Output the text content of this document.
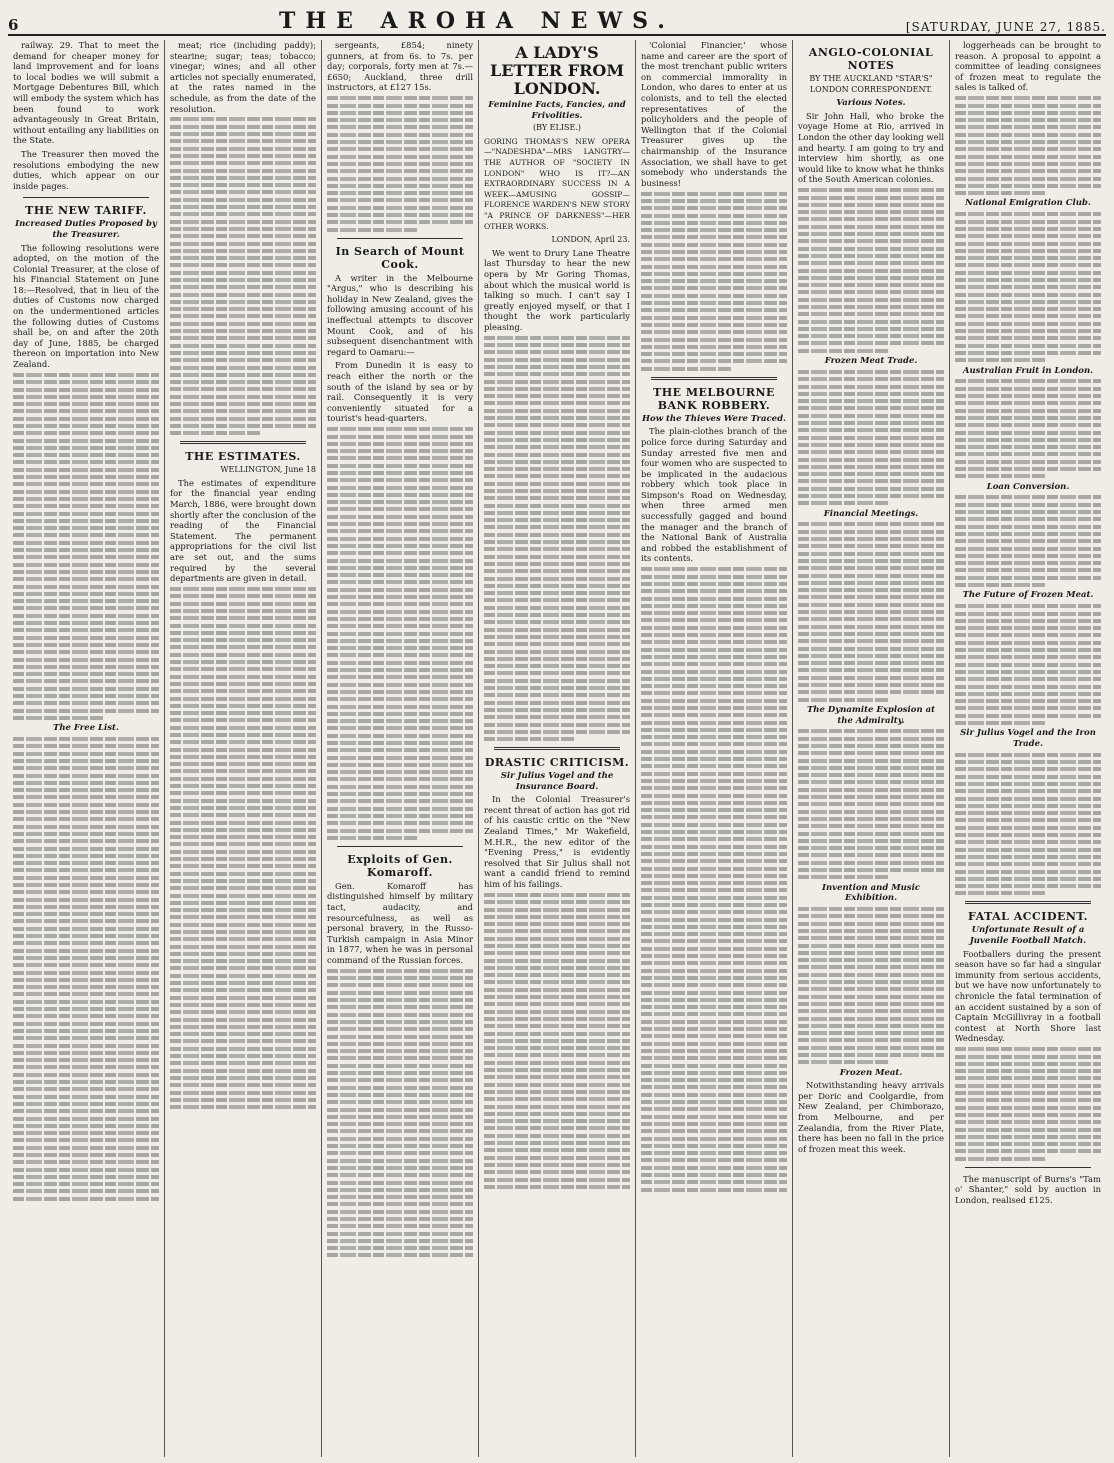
6	THE AROHA NEWS.	[SATURDAY, JUNE 27, 1885.

railway. 29. That to meet the demand for cheaper money for land improvement and for loans to local bodies we will submit a Mortgage Debentures Bill, which will embody the system which has been found to work advantageously in Great Britain, without entailing any liabilities on the State.

The Treasurer then moved the resolutions embodying the new duties, which appear on our inside pages.

THE NEW TARIFF.
Increased Duties Proposed by the Treasurer.

The following resolutions were adopted, on the motion of the Colonial Treasurer, at the close of his Financial Statement on June 18:—Resolved, that in lieu of the duties of Customs now charged on the undermentioned articles the following duties of Customs shall be, on and after the 20th day of June, 1885, be charged thereon on importation into New Zealand.

The Free List.

meat; rice (including paddy); stearine; sugar; teas; tobacco; vinegar; wines; and all other articles not specially enumerated, at the rates named in the schedule, as from the date of the resolution.

THE ESTIMATES.
WELLINGTON, June 18

The estimates of expenditure for the financial year ending March, 1886, were brought down shortly after the conclusion of the reading of the Financial Statement. The permanent appropriations for the civil list are set out, and the sums required by the several departments are given in detail.

sergeants, £854; ninety gunners, at from 6s. to 7s. per day; corporals, forty men at 7s.—£650; Auckland, three drill instructors, at £127 15s.

In Search of Mount Cook.

A writer in the Melbourne "Argus," who is describing his holiday in New Zealand, gives the following amusing account of his ineffectual attempts to discover Mount Cook, and of his subsequent disenchantment with regard to Oamaru:—

From Dunedin it is easy to reach either the north or the south of the island by sea or by rail. Consequently it is very conveniently situated for a tourist's head-quarters.

Exploits of Gen. Komaroff.

Gen. Komaroff has distinguished himself by military tact, audacity, and resourcefulness, as well as personal bravery, in the Russo-Turkish campaign in Asia Minor in 1877, when he was in personal command of the Russian forces.

A LADY'S LETTER FROM LONDON.
Feminine Facts, Fancies, and Frivolities.
(BY ELISE.)

GORING THOMAS'S NEW OPERA—"NADESHDA"—MRS LANGTRY—THE AUTHOR OF "SOCIETY IN LONDON" WHO IS IT?—AN EXTRAORDINARY SUCCESS IN A WEEK—AMUSING GOSSIP—FLORENCE WARDEN'S NEW STORY "A PRINCE OF DARKNESS"—HER OTHER WORKS.

LONDON, April 23.

We went to Drury Lane Theatre last Thursday to hear the new opera by Mr Goring Thomas, about which the musical world is talking so much. I can't say I greatly enjoyed myself, or that I thought the work particularly pleasing.

DRASTIC CRITICISM.
Sir Julius Vogel and the Insurance Board.

In the Colonial Treasurer's recent threat of action has got rid of his caustic critic on the "New Zealand Times," Mr Wakefield, M.H.R., the new editor of the "Evening Press," is evidently resolved that Sir Julius shall not want a candid friend to remind him of his failings.

'Colonial Financier,' whose name and career are the sport of the most trenchant public writers on commercial immorality in London, who dares to enter at us colonists, and to tell the elected representatives of the policyholders and the people of Wellington that if the Colonial Treasurer gives up the chairmanship of the Insurance Association, we shall have to get somebody who understands the business!

THE MELBOURNE BANK ROBBERY.
How the Thieves Were Traced.

The plain-clothes branch of the police force during Saturday and Sunday arrested five men and four women who are suspected to be implicated in the audacious robbery which took place in Simpson's Road on Wednesday, when three armed men successfully gagged and bound the manager and the branch of the National Bank of Australia and robbed the establishment of its contents.

ANGLO-COLONIAL NOTES
BY THE AUCKLAND "STAR'S" LONDON CORRESPONDENT.
Various Notes.

Sir John Hall, who broke the voyage Home at Rio, arrived in London the other day looking well and hearty. I am going to try and interview him shortly, as one would like to know what he thinks of the South American colonies.

Frozen Meat Trade.
Financial Meetings.
The Dynamite Explosion at the Admiralty.
Invention and Music Exhibition.
Frozen Meat.

Notwithstanding heavy arrivals per Doric and Coolgardie, from New Zealand, per Chimborazo, from Melbourne, and per Zealandia, from the River Plate, there has been no fall in the price of frozen meat this week.

loggerheads can be brought to reason. A proposal to appoint a committee of leading consignees of frozen meat to regulate the sales is talked of.

National Emigration Club.
Australian Fruit in London.
Loan Conversion.
The Future of Frozen Meat.
Sir Julius Vogel and the Iron Trade.
FATAL ACCIDENT.
Unfortunate Result of a Juvenile Football Match.

Footballers during the present season have so far had a singular immunity from serious accidents, but we have now unfortunately to chronicle the fatal termination of an accident sustained by a son of Captain McGillivray in a football contest at North Shore last Wednesday.

The manuscript of Burns's "Tam o' Shanter," sold by auction in London, realised £125.
